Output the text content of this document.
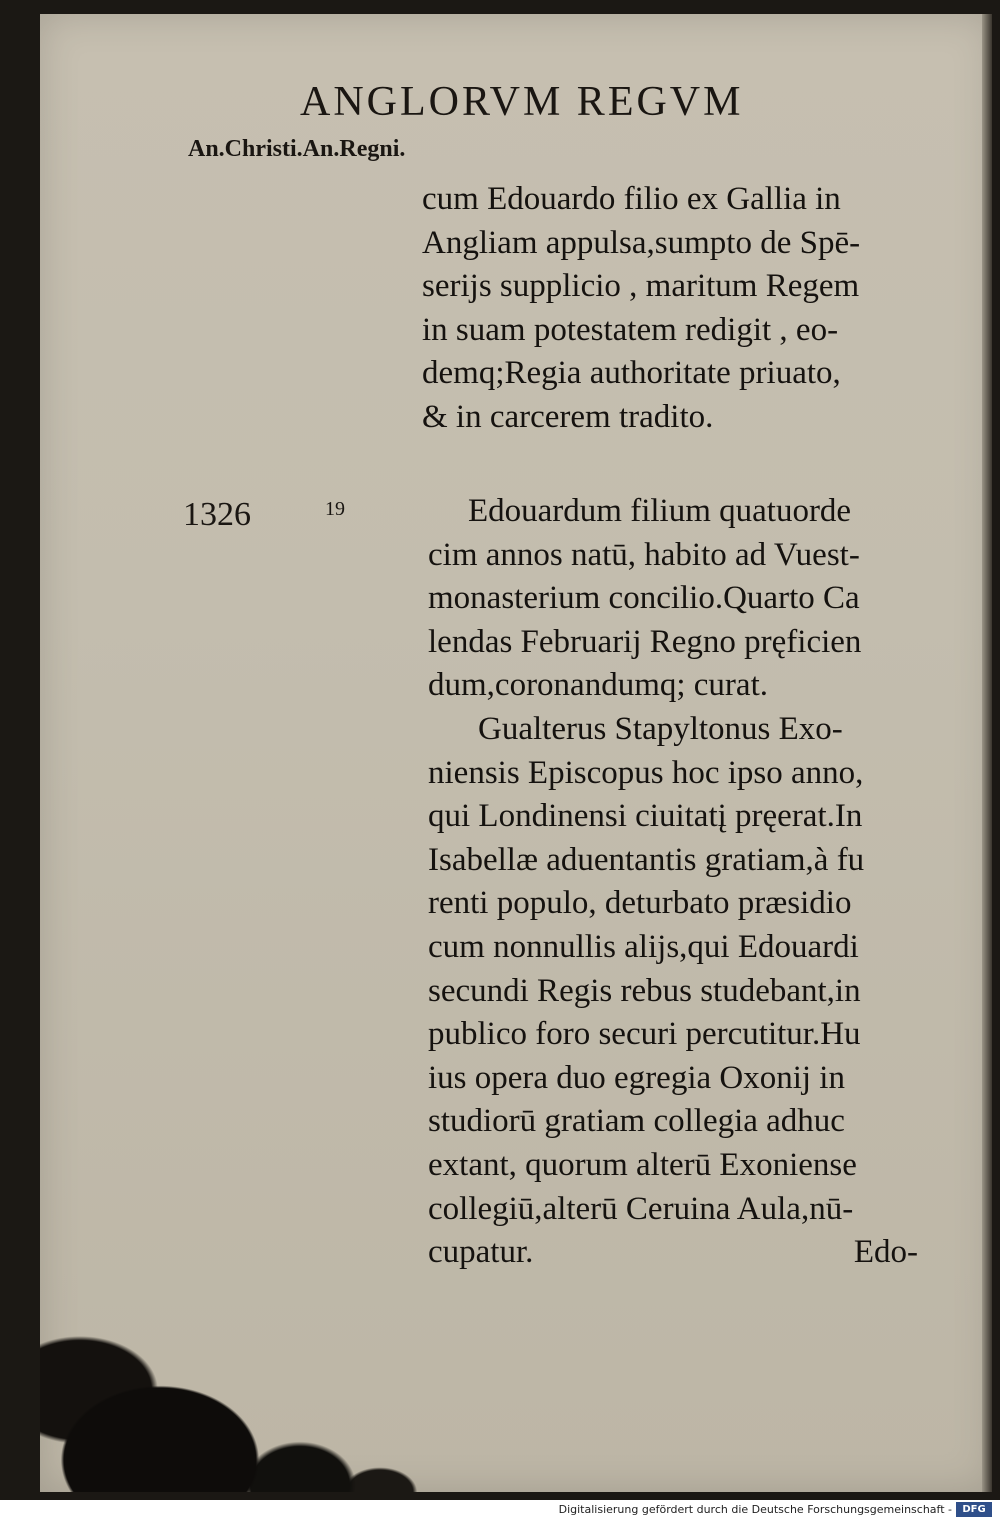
ANGLORVM REGVM
An.Christi.An.Regni.
cum Edouardo filio ex Gallia in
Angliam appulsa,sumpto de Spē-
serijs supplicio , maritum Regem
in suam potestatem redigit , eo-
demq;Regia authoritate priuato,
& in carcerem tradito.
1326	19	Edouardum filium quatuorde
cim annos natū, habito ad Vuest-
monasterium concilio.Quarto Ca
lendas Februarij Regno pręficien
dum,coronandumq; curat.
Gualterus Stapyltonus Exo-
niensis Episcopus hoc ipso anno,
qui Londinensi ciuitatį pręerat.In
Isabellæ aduentantis gratiam,à fu
renti populo, deturbato præsidio
cum nonnullis alijs,qui Edouardi
secundi Regis rebus studebant,in
publico foro securi percutitur.Hu
ius opera duo egregia Oxonij in
studiorū gratiam collegia adhuc
extant, quorum alterū Exoniense
collegiū,alterū Ceruina Aula,nū-
cupatur.	Edo-
Digitalisierung gefördert durch die Deutsche Forschungsgemeinschaft -	DFG
